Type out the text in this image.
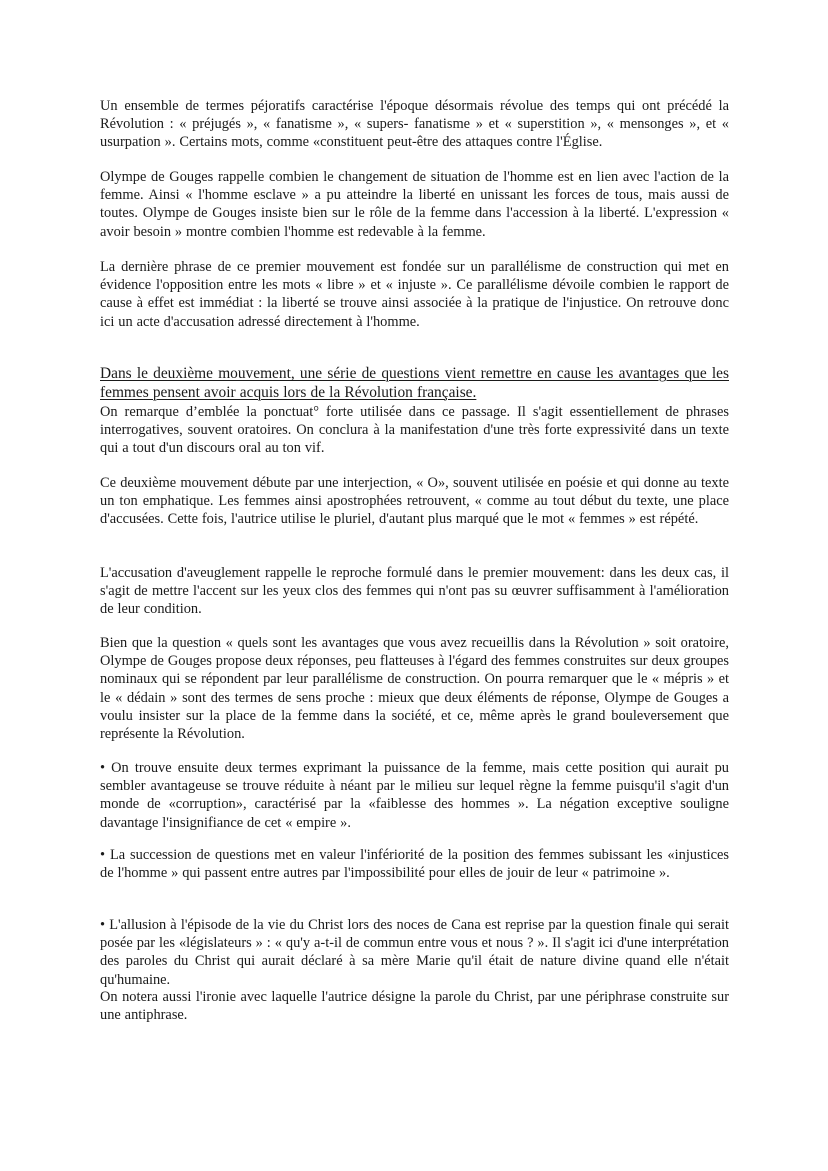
Un ensemble de termes péjoratifs caractérise l'époque désormais révolue des temps qui ont précédé la Révolution : « préjugés », « fanatisme », « supers- fanatisme » et « superstition », « mensonges », et « usurpation ». Certains mots, comme «constituent peut-être des attaques contre l'Église.

Olympe de Gouges rappelle combien le changement de situation de l'homme est en lien avec l'action de la femme. Ainsi « l'homme esclave » a pu atteindre la liberté en unissant les forces de tous, mais aussi de toutes. Olympe de Gouges insiste bien sur le rôle de la femme dans l'accession à la liberté. L'expression « avoir besoin » montre combien l'homme est redevable à la femme.

La dernière phrase de ce premier mouvement est fondée sur un parallélisme de construction qui met en évidence l'opposition entre les mots « libre » et « injuste ». Ce parallélisme dévoile combien le rapport de cause à effet est immédiat : la liberté se trouve ainsi associée à la pratique de l'injustice. On retrouve donc ici un acte d'accusation adressé directement à l'homme.

Dans le deuxième mouvement, une série de questions vient remettre en cause les avantages que les femmes pensent avoir acquis lors de la Révolution française.

On remarque d’emblée la ponctuat° forte utilisée dans ce passage. Il s'agit essentiellement de phrases interrogatives, souvent oratoires. On conclura à la manifestation d'une très forte expressivité dans un texte qui a tout d'un discours oral au ton vif.

Ce deuxième mouvement débute par une interjection, « O», souvent utilisée en poésie et qui donne au texte un ton emphatique. Les femmes ainsi apostrophées retrouvent, « comme au tout début du texte, une place d'accusées. Cette fois, l'autrice utilise le pluriel, d'autant plus marqué que le mot « femmes » est répété.

L'accusation d'aveuglement rappelle le reproche formulé dans le premier mouvement: dans les deux cas, il s'agit de mettre l'accent sur les yeux clos des femmes qui n'ont pas su œuvrer suffisamment à l'amélioration de leur condition.

Bien que la question « quels sont les avantages que vous avez recueillis dans la Révolution » soit oratoire, Olympe de Gouges propose deux réponses, peu flatteuses à l'égard des femmes construites sur deux groupes nominaux qui se répondent par leur parallélisme de construction. On pourra remarquer que le « mépris » et le « dédain » sont des termes de sens proche : mieux que deux éléments de réponse, Olympe de Gouges a voulu insister sur la place de la femme dans la société, et ce, même après le grand bouleversement que représente la Révolution.

• On trouve ensuite deux termes exprimant la puissance de la femme, mais cette position qui aurait pu sembler avantageuse se trouve réduite à néant par le milieu sur lequel règne la femme puisqu'il s'agit d'un monde de «corruption», caractérisé par la «faiblesse des hommes ». La négation exceptive souligne davantage l'insignifiance de cet « empire ».

• La succession de questions met en valeur l'infériorité de la position des femmes subissant les «injustices de l'homme » qui passent entre autres par l'impossibilité pour elles de jouir de leur « patrimoine ».

• L'allusion à l'épisode de la vie du Christ lors des noces de Cana est reprise par la question finale qui serait posée par les «législateurs » : « qu'y a-t-il de commun entre vous et nous ? ». Il s'agit ici d'une interprétation des paroles du Christ qui aurait déclaré à sa mère Marie qu'il était de nature divine quand elle n'était qu'humaine.

On notera aussi l'ironie avec laquelle l'autrice désigne la parole du Christ, par une périphrase construite sur une antiphrase.
